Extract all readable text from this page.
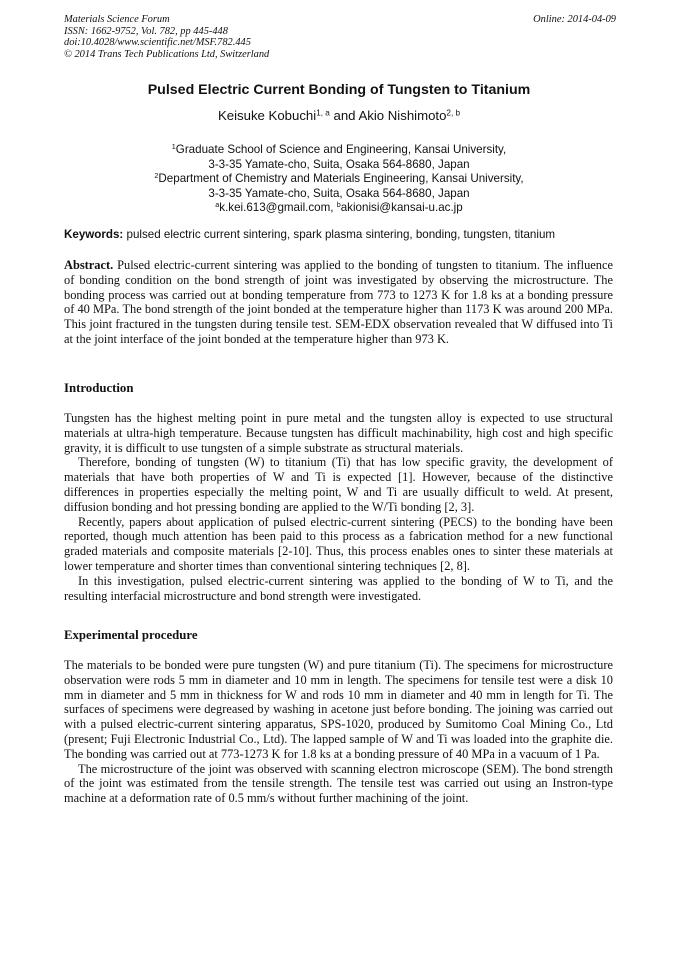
Materials Science Forum
ISSN: 1662-9752, Vol. 782, pp 445-448
doi:10.4028/www.scientific.net/MSF.782.445
© 2014 Trans Tech Publications Ltd, Switzerland
Online: 2014-04-09
Pulsed Electric Current Bonding of Tungsten to Titanium
Keisuke Kobuchi$^{1, a}$ and Akio Nishimoto$^{2, b}$
$^1$Graduate School of Science and Engineering, Kansai University,
3-3-35 Yamate-cho, Suita, Osaka 564-8680, Japan
$^2$Department of Chemistry and Materials Engineering, Kansai University,
3-3-35 Yamate-cho, Suita, Osaka 564-8680, Japan
$^a$k.kei.613@gmail.com, $^b$akionisi@kansai-u.ac.jp
Keywords: pulsed electric current sintering, spark plasma sintering, bonding, tungsten, titanium
Abstract. Pulsed electric-current sintering was applied to the bonding of tungsten to titanium. The influence of bonding condition on the bond strength of joint was investigated by observing the microstructure. The bonding process was carried out at bonding temperature from 773 to 1273 K for 1.8 ks at a bonding pressure of 40 MPa. The bond strength of the joint bonded at the temperature higher than 1173 K was around 200 MPa. This joint fractured in the tungsten during tensile test. SEM-EDX observation revealed that W diffused into Ti at the joint interface of the joint bonded at the temperature higher than 973 K.
Introduction

Tungsten has the highest melting point in pure metal and the tungsten alloy is expected to use structural materials at ultra-high temperature. Because tungsten has difficult machinability, high cost and high specific gravity, it is difficult to use tungsten of a simple substrate as structural materials.

Therefore, bonding of tungsten (W) to titanium (Ti) that has low specific gravity, the development of materials that have both properties of W and Ti is expected [1]. However, because of the distinctive differences in properties especially the melting point, W and Ti are usually difficult to weld. At present, diffusion bonding and hot pressing bonding are applied to the W/Ti bonding [2, 3].

Recently, papers about application of pulsed electric-current sintering (PECS) to the bonding have been reported, though much attention has been paid to this process as a fabrication method for a new functional graded materials and composite materials [2-10]. Thus, this process enables ones to sinter these materials at lower temperature and shorter times than conventional sintering techniques [2, 8].

In this investigation, pulsed electric-current sintering was applied to the bonding of W to Ti, and the resulting interfacial microstructure and bond strength were investigated.

Experimental procedure

The materials to be bonded were pure tungsten (W) and pure titanium (Ti). The specimens for microstructure observation were rods 5 mm in diameter and 10 mm in length. The specimens for tensile test were a disk 10 mm in diameter and 5 mm in thickness for W and rods 10 mm in diameter and 40 mm in length for Ti. The surfaces of specimens were degreased by washing in acetone just before bonding. The joining was carried out with a pulsed electric-current sintering apparatus, SPS-1020, produced by Sumitomo Coal Mining Co., Ltd (present; Fuji Electronic Industrial Co., Ltd). The lapped sample of W and Ti was loaded into the graphite die. The bonding was carried out at 773-1273 K for 1.8 ks at a bonding pressure of 40 MPa in a vacuum of 1 Pa.

The microstructure of the joint was observed with scanning electron microscope (SEM). The bond strength of the joint was estimated from the tensile strength. The tensile test was carried out using an Instron-type machine at a deformation rate of 0.5 mm/s without further machining of the joint.
